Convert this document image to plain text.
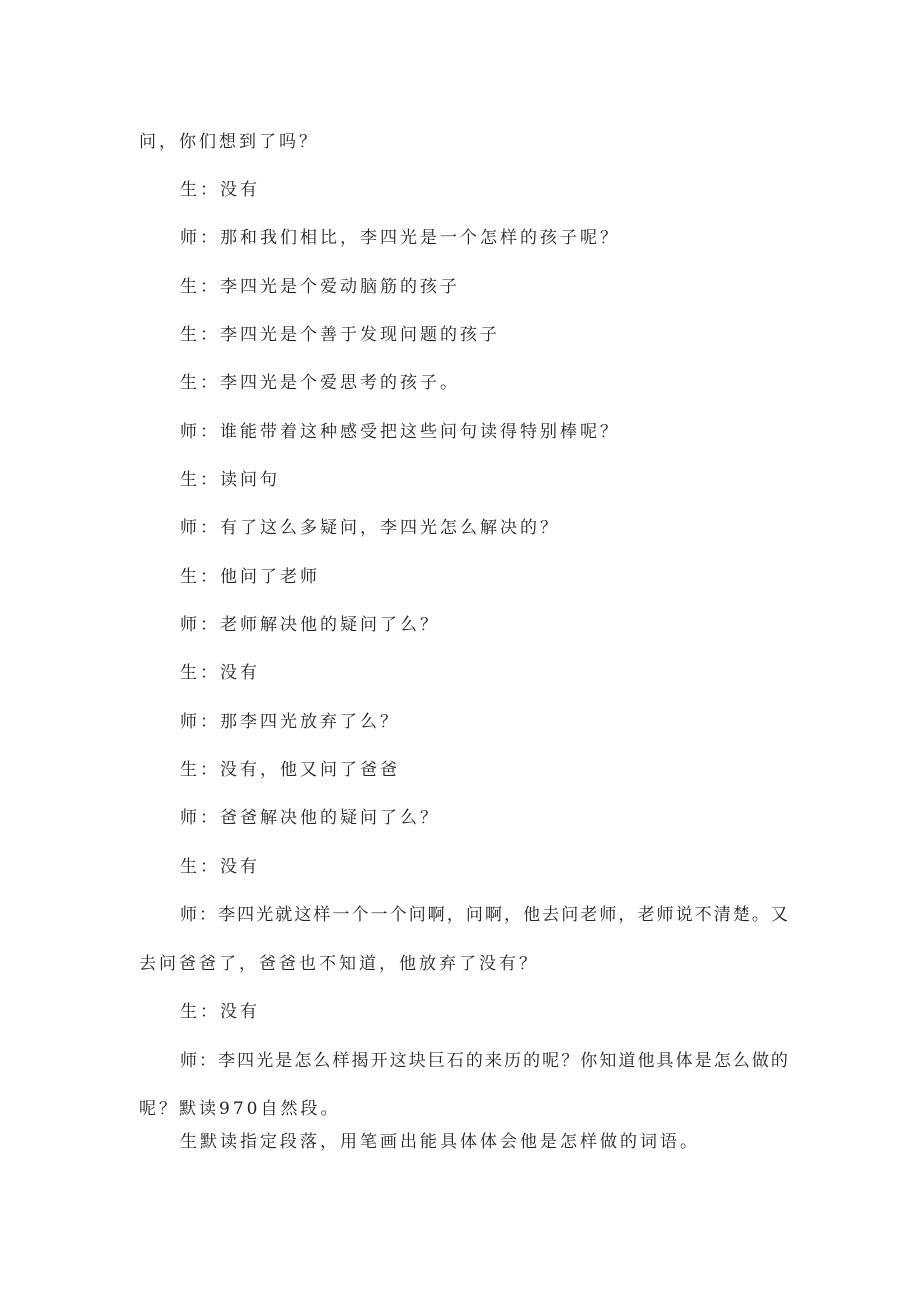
问，你们想到了吗？
生：没有
师：那和我们相比，李四光是一个怎样的孩子呢？
生：李四光是个爱动脑筋的孩子
生：李四光是个善于发现问题的孩子
生：李四光是个爱思考的孩子。
师：谁能带着这种感受把这些问句读得特别棒呢？
生：读问句
师：有了这么多疑问，李四光怎么解决的？
生：他问了老师
师：老师解决他的疑问了么？
生：没有
师：那李四光放弃了么？
生：没有，他又问了爸爸
师：爸爸解决他的疑问了么？
生：没有
师：李四光就这样一个一个问啊，问啊，他去问老师，老师说不清楚。又
去问爸爸了，爸爸也不知道，他放弃了没有？
生：没有
师：李四光是怎么样揭开这块巨石的来历的呢？你知道他具体是怎么做的
呢？默读970自然段。
生默读指定段落，用笔画出能具体体会他是怎样做的词语。
